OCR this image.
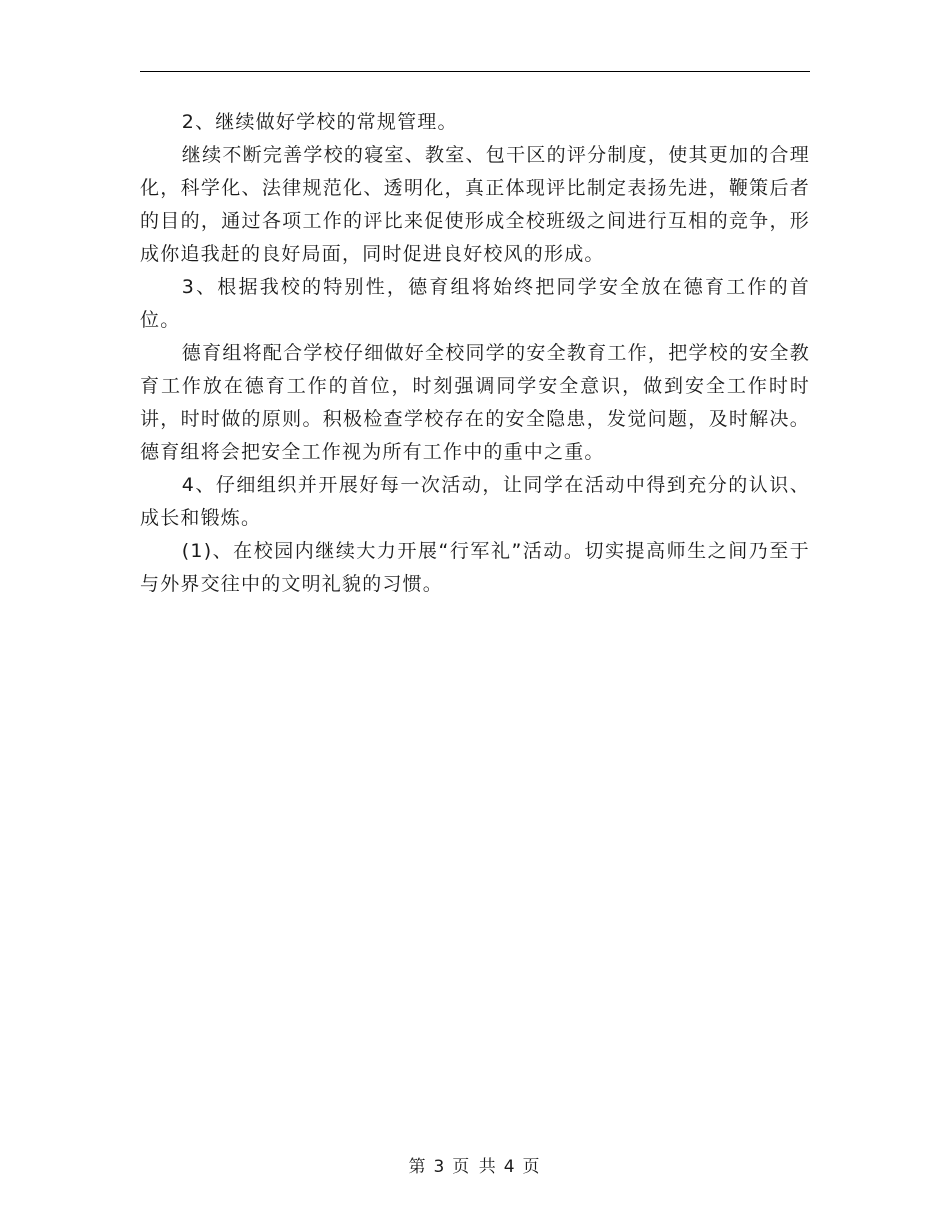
2、继续做好学校的常规管理。

继续不断完善学校的寝室、教室、包干区的评分制度，使其更加的合理化，科学化、法律规范化、透明化，真正体现评比制定表扬先进，鞭策后者的目的，通过各项工作的评比来促使形成全校班级之间进行互相的竞争，形成你追我赶的良好局面，同时促进良好校风的形成。

3、根据我校的特别性，德育组将始终把同学安全放在德育工作的首位。

德育组将配合学校仔细做好全校同学的安全教育工作，把学校的安全教育工作放在德育工作的首位，时刻强调同学安全意识，做到安全工作时时讲，时时做的原则。积极检查学校存在的安全隐患，发觉问题，及时解决。德育组将会把安全工作视为所有工作中的重中之重。

4、仔细组织并开展好每一次活动，让同学在活动中得到充分的认识、成长和锻炼。

(1)、在校园内继续大力开展“行军礼”活动。切实提高师生之间乃至于与外界交往中的文明礼貌的习惯。

第 3 页 共 4 页
